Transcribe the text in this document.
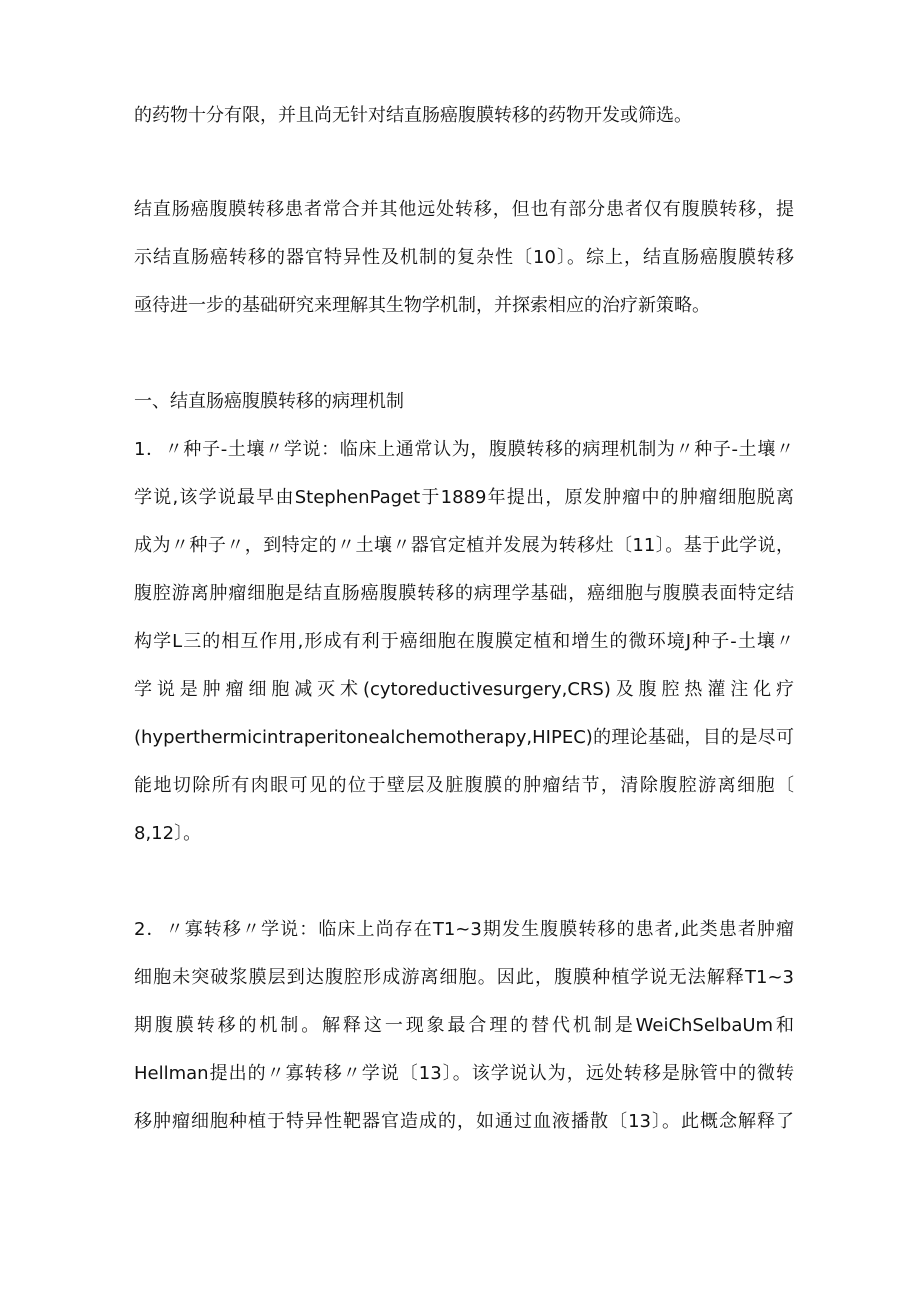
的药物十分有限，并且尚无针对结直肠癌腹膜转移的药物开发或筛选。
结直肠癌腹膜转移患者常合并其他远处转移，但也有部分患者仅有腹膜转移，提
示结直肠癌转移的器官特异性及机制的复杂性〔10〕。综上，结直肠癌腹膜转移
亟待进一步的基础研究来理解其生物学机制，并探索相应的治疗新策略。
一、结直肠癌腹膜转移的病理机制
1．〃种子-土壤〃学说：临床上通常认为，腹膜转移的病理机制为〃种子-土壤〃
学说,该学说最早由StephenPaget于1889年提出，原发肿瘤中的肿瘤细胞脱离
成为〃种子〃，到特定的〃土壤〃器官定植并发展为转移灶〔11〕。基于此学说，
腹腔游离肿瘤细胞是结直肠癌腹膜转移的病理学基础，癌细胞与腹膜表面特定结
构学L三的相互作用,形成有利于癌细胞在腹膜定植和增生的微环境J种子-土壤〃
学说是肿瘤细胞减灭术(cytoreductivesurgery,CRS)及腹腔热灌注化疗
(hyperthermicintraperitonealchemotherapy,HIPEC)的理论基础，目的是尽可
能地切除所有肉眼可见的位于壁层及脏腹膜的肿瘤结节，清除腹腔游离细胞〔
8,12〕。
2．〃寡转移〃学说：临床上尚存在T1~3期发生腹膜转移的患者,此类患者肿瘤
细胞未突破浆膜层到达腹腔形成游离细胞。因此，腹膜种植学说无法解释T1~3
期腹膜转移的机制。解释这一现象最合理的替代机制是WeiChSelbaUm和
Hellman提出的〃寡转移〃学说〔13〕。该学说认为，远处转移是脉管中的微转
移肿瘤细胞种植于特异性靶器官造成的，如通过血液播散〔13〕。此概念解释了
